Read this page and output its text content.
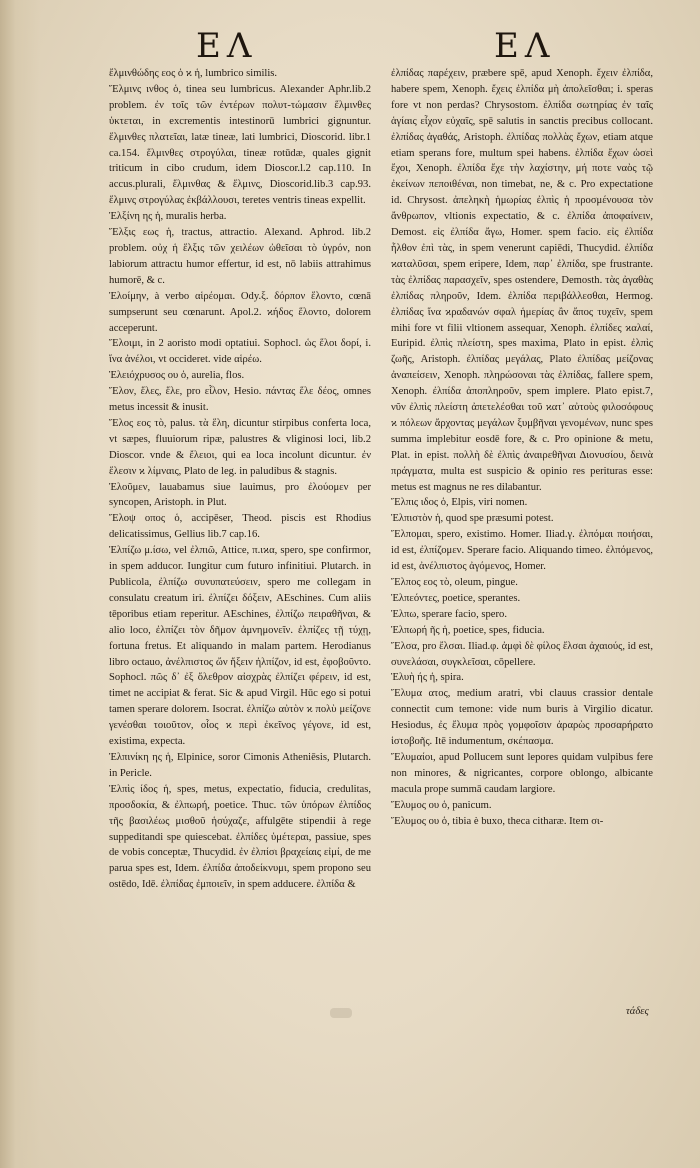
ΕΛ	ΕΛ

ἔλμινθώδης εος ὁ ϰ ἡ, lumbrico similis.

Ἕλμινς ινθος ὁ, tinea seu lumbricus. Alexander Aphr.lib.2 problem. ἐν τοῖς τῶν ἐντέρων πολυτ-τώμασιν ἕλμινθες ὑκτεται, in excrementis intestinorū lumbrici gignuntur. ἕλμινθες πλατεῖαι, latæ tineæ, lati lumbrici, Dioscorid. libr.1 ca.154. ἕλμινθες στρογύλαι, tineæ rotūdæ, quales gignit triticum in cibo crudum, idem Dioscor.l.2 cap.110. In accus.plurali, ἕλμινθας & ἕλμινς, Dioscorid.lib.3 cap.93. ἕλμινς στρογύλας ἐκβάλλουσι, teretes ventris tineas expellit.

Ἐλξίνη ης ἡ, muralis herba.

Ἕλξις εως ἡ, tractus, attractio. Alexand. Aphrod. lib.2 problem. οὐχ ἡ ἕλξις τῶν χειλέων ὠθεῖσαι τὸ ὑγρόν, non labiorum attractu humor effertur, id est, nō labiis attrahimus humorē, & c.

Ἐλοίμην, à verbo αἱρέομαι. Ody.ξ. δόρπον ἕλοντο, cœnā sumpserunt seu cœnarunt. Apol.2. ϰήδος ἕλοντο, dolorem acceperunt.

Ἕλοιμι, in 2 aoristo modi optatiui. Sophocl. ὡς ἕλοι δορί, i. ἵνα ἀνέλοι, vt occideret. vide αἱρέω.

Ἑλειόχρυσος ου ὁ, aurelia, flos.

Ἕλον, ἕλες, ἕλε, pro εἷλον, Hesio. πάντας ἕλε δέος, omnes metus incessit & inusit.

Ἕλος εος τὸ, palus. τὰ ἕλη, dicuntur stirpibus conferta loca, vt sæpes, fluuiorum ripæ, palustres & vliginosi loci, lib.2 Dioscor. vnde & ἔλειοι, qui ea loca incolunt dicuntur. ἐν ἕλεσιν ϰ λίμναις, Plato de leg. in paludibus & stagnis.

Ἐλοῦμεν, lauabamus siue lauimus, pro ἐλούομεν per syncopen, Aristoph. in Plut.

Ἔλοψ οπος ὁ, accipēser, Theod. piscis est Rhodius delicatissimus, Gellius lib.7 cap.16.

Ἐλπίζω μ.ίσω, vel ἐλπιῶ, Attice, π.ιϰα, spero, spe confirmor, in spem adducor. Iungitur cum futuro infinitiui. Plutarch. in Publicola, ἐλπίζω συνυπατεύσειν, spero me collegam in consulatu creatum iri. ἐλπίζει δόξειν, AEschines. Cum aliis tēporibus etiam reperitur. AEschines, ἐλπίζω πειραθῆναι, & alio loco, ἐλπίζει τὸν δῆμον ἀμνημονεῖν. ἐλπίζες τῇ τύχῃ, fortuna fretus. Et aliquando in malam partem. Herodianus libro octauo, ἀνέλπιστος ὤν ἥξειν ἠλπίζον, id est, ἐφοβοῦντο. Sophocl. πῶς δ᾽ ἐξ ὄλεθρον αἰσχρὰς ἐλπίζει φέρειν, id est, timet ne accipiat & ferat. Sic & apud Virgil. Hūc ego si potui tamen sperare dolorem. Isocrat. ἐλπίζω αὐτὸν ϰ πολὺ μείζονε γενέσθαι τοιοῦτον, οἷος ϰ περὶ ἐκεῖνος γέγονε, id est, existima, expecta.

Ἐλπινίκη ης ἡ, Elpinice, soror Cimonis Atheniēsis, Plutarch. in Pericle.

Ἐλπὶς ίδος ἡ, spes, metus, expectatio, fiducia, credulitas, προσδοκία, & ἐλπωρή, poetice. Thuc. τῶν ὑπόρων ἐλπίδος τῆς βασιλέως μισθοῦ ἡσύχαζε, affulgēte stipendii à rege suppeditandi spe quiescebat. ἐλπίδες ὑμέτεραι, passiue, spes de vobis conceptæ, Thucydid. ἐν ἐλπίσι βραχείαις εἰμί, de me parua spes est, Idem. ἐλπίδα ἀποδείκνυμι, spem propono seu ostēdo, Idē. ἐλπίδας ἐμποιεῖν, in spem adducere. ἐλπίδα &

ἐλπίδας παρέχειν, præbere spē, apud Xenoph. ἔχειν ἐλπίδα, habere spem, Xenoph. ἔχεις ἐλπίδα μὴ ἀπολεῖσθαι; i. speras fore vt non perdas? Chrysostom. ἐλπίδα σωτηρίας ἐν ταῖς ἁγίαις εἶχον εὐχαῖς, spē salutis in sanctis precibus collocant. ἐλπίδας ἀγαθάς, Aristoph. ἐλπίδας πολλὰς ἔχων, etiam atque etiam sperans fore, multum spei habens. ἐλπίδα ἔχων ὡσεὶ ἔχοι, Xenoph. ἐλπίδα ἔχε τὴν λαχίστην, μή ποτε ναὸς τῷ ἐκείνων πεποιθέναι, non timebat, ne, & c. Pro expectatione id. Chrysost. ἀπεληκὴ ἡμωρίας ἐλπὶς ἡ προσμένουσα τὸν ἄνθρωπον, vltionis expectatio, & c. ἐλπίδα ἀποφαίνειν, Demost. εἰς ἐλπίδα ἄγω, Homer. spem facio. εἰς ἐλπίδα ἦλθον ἐπὶ τὰς, in spem venerunt capiēdi, Thucydid. ἐλπίδα ϰαταλῦσαι, spem eripere, Idem, παρ᾽ ἐλπίδα, spe frustrante. τὰς ἐλπίδας παρασχεῖν, spes ostendere, Demosth. τὰς ἀγαθὰς ἐλπίδας πληροῦν, Idem. ἐλπίδα περιβάλλεσθαι, Hermog. ἐλπίδας ἵνα ϰραδανών σφαλ ἡμερίας ἂν ἄπος τυχεῖν, spem mihi fore vt filii vltionem assequar, Xenoph. ἐλπίδες ϰαλαί, Euripid. ἐλπὶς πλείστη, spes maxima, Plato in epist. ἐλπὶς ζωῆς, Aristoph. ἐλπίδας μεγάλας, Plato ἐλπίδας μείζονας ἀναπείσειν, Xenoph. πληρώσοναι τὰς ἐλπίδας, fallere spem, Xenoph. ἐλπίδα ἀποπληροῦν, spem implere. Plato epist.7, νῦν ἐλπὶς πλείστη ἀπετελέσθαι τοῦ ϰατ᾽ αὐτοὺς φιλοσόφους ϰ πόλεων ἄρχοντας μεγάλων ξυμβῆναι γενομένων, nunc spes summa implebitur eosdē fore, & c. Pro opinione & metu, Plat. in epist. πολλὴ δὲ ἐλπὶς ἀναιρεθῆναι Διονυσίου, δεινὰ πράγματα, multa est suspicio & opinio res perituras esse: metus est magnus ne res dilabantur.

Ἔλπις ιδος ὁ, Elpis, viri nomen.

Ἐλπιστὸν ἡ, quod spe præsumi potest.

Ἔλπομαι, spero, existimo. Homer. Iliad.γ. ἐλπόμαι ποιήσαι, id est, ἐλπίζομεν. Sperare facio. Aliquando timeo. ἐλπόμενος, id est, ἀνέλπιστος ἀγόμενος, Homer.

Ἔλπος εος τὸ, oleum, pingue.

Ἐλπεόντες, poetice, sperantes.

Ἐλπω, sperare facio, spero.

Ἐλπωρή ῆς ἡ, poetice, spes, fiducia.

Ἔλσα, pro ἔλσαι. Iliad.φ. ἀμφὶ δὲ φίλος ἔλσαι ἀχαιούς, id est, συνελάσαι, συγκλεῖσαι, cōpellere.

Ἑλυὴ ής ἡ, spira.

Ἔλυμα ατος, medium aratri, vbi clauus crassior dentale connectit cum temone: vide num buris à Virgilio dicatur. Hesiodus, ἐς ἔλυμα πρὸς γομφοῖσιν ἀραρὼς προσαρήρατο ἱστοβοῆς. Itē indumentum, σκέπασμα.

Ἔλυμαίοι, apud Pollucem sunt lepores quidam vulpibus fere non minores, & nigricantes, corpore oblongo, albicante macula prope summā caudam largiore.

Ἔλυμος ου ὁ, panicum.

Ἕλυμος ου ὁ, tibia è buxo, theca citharæ. Item σι-

τάδες
